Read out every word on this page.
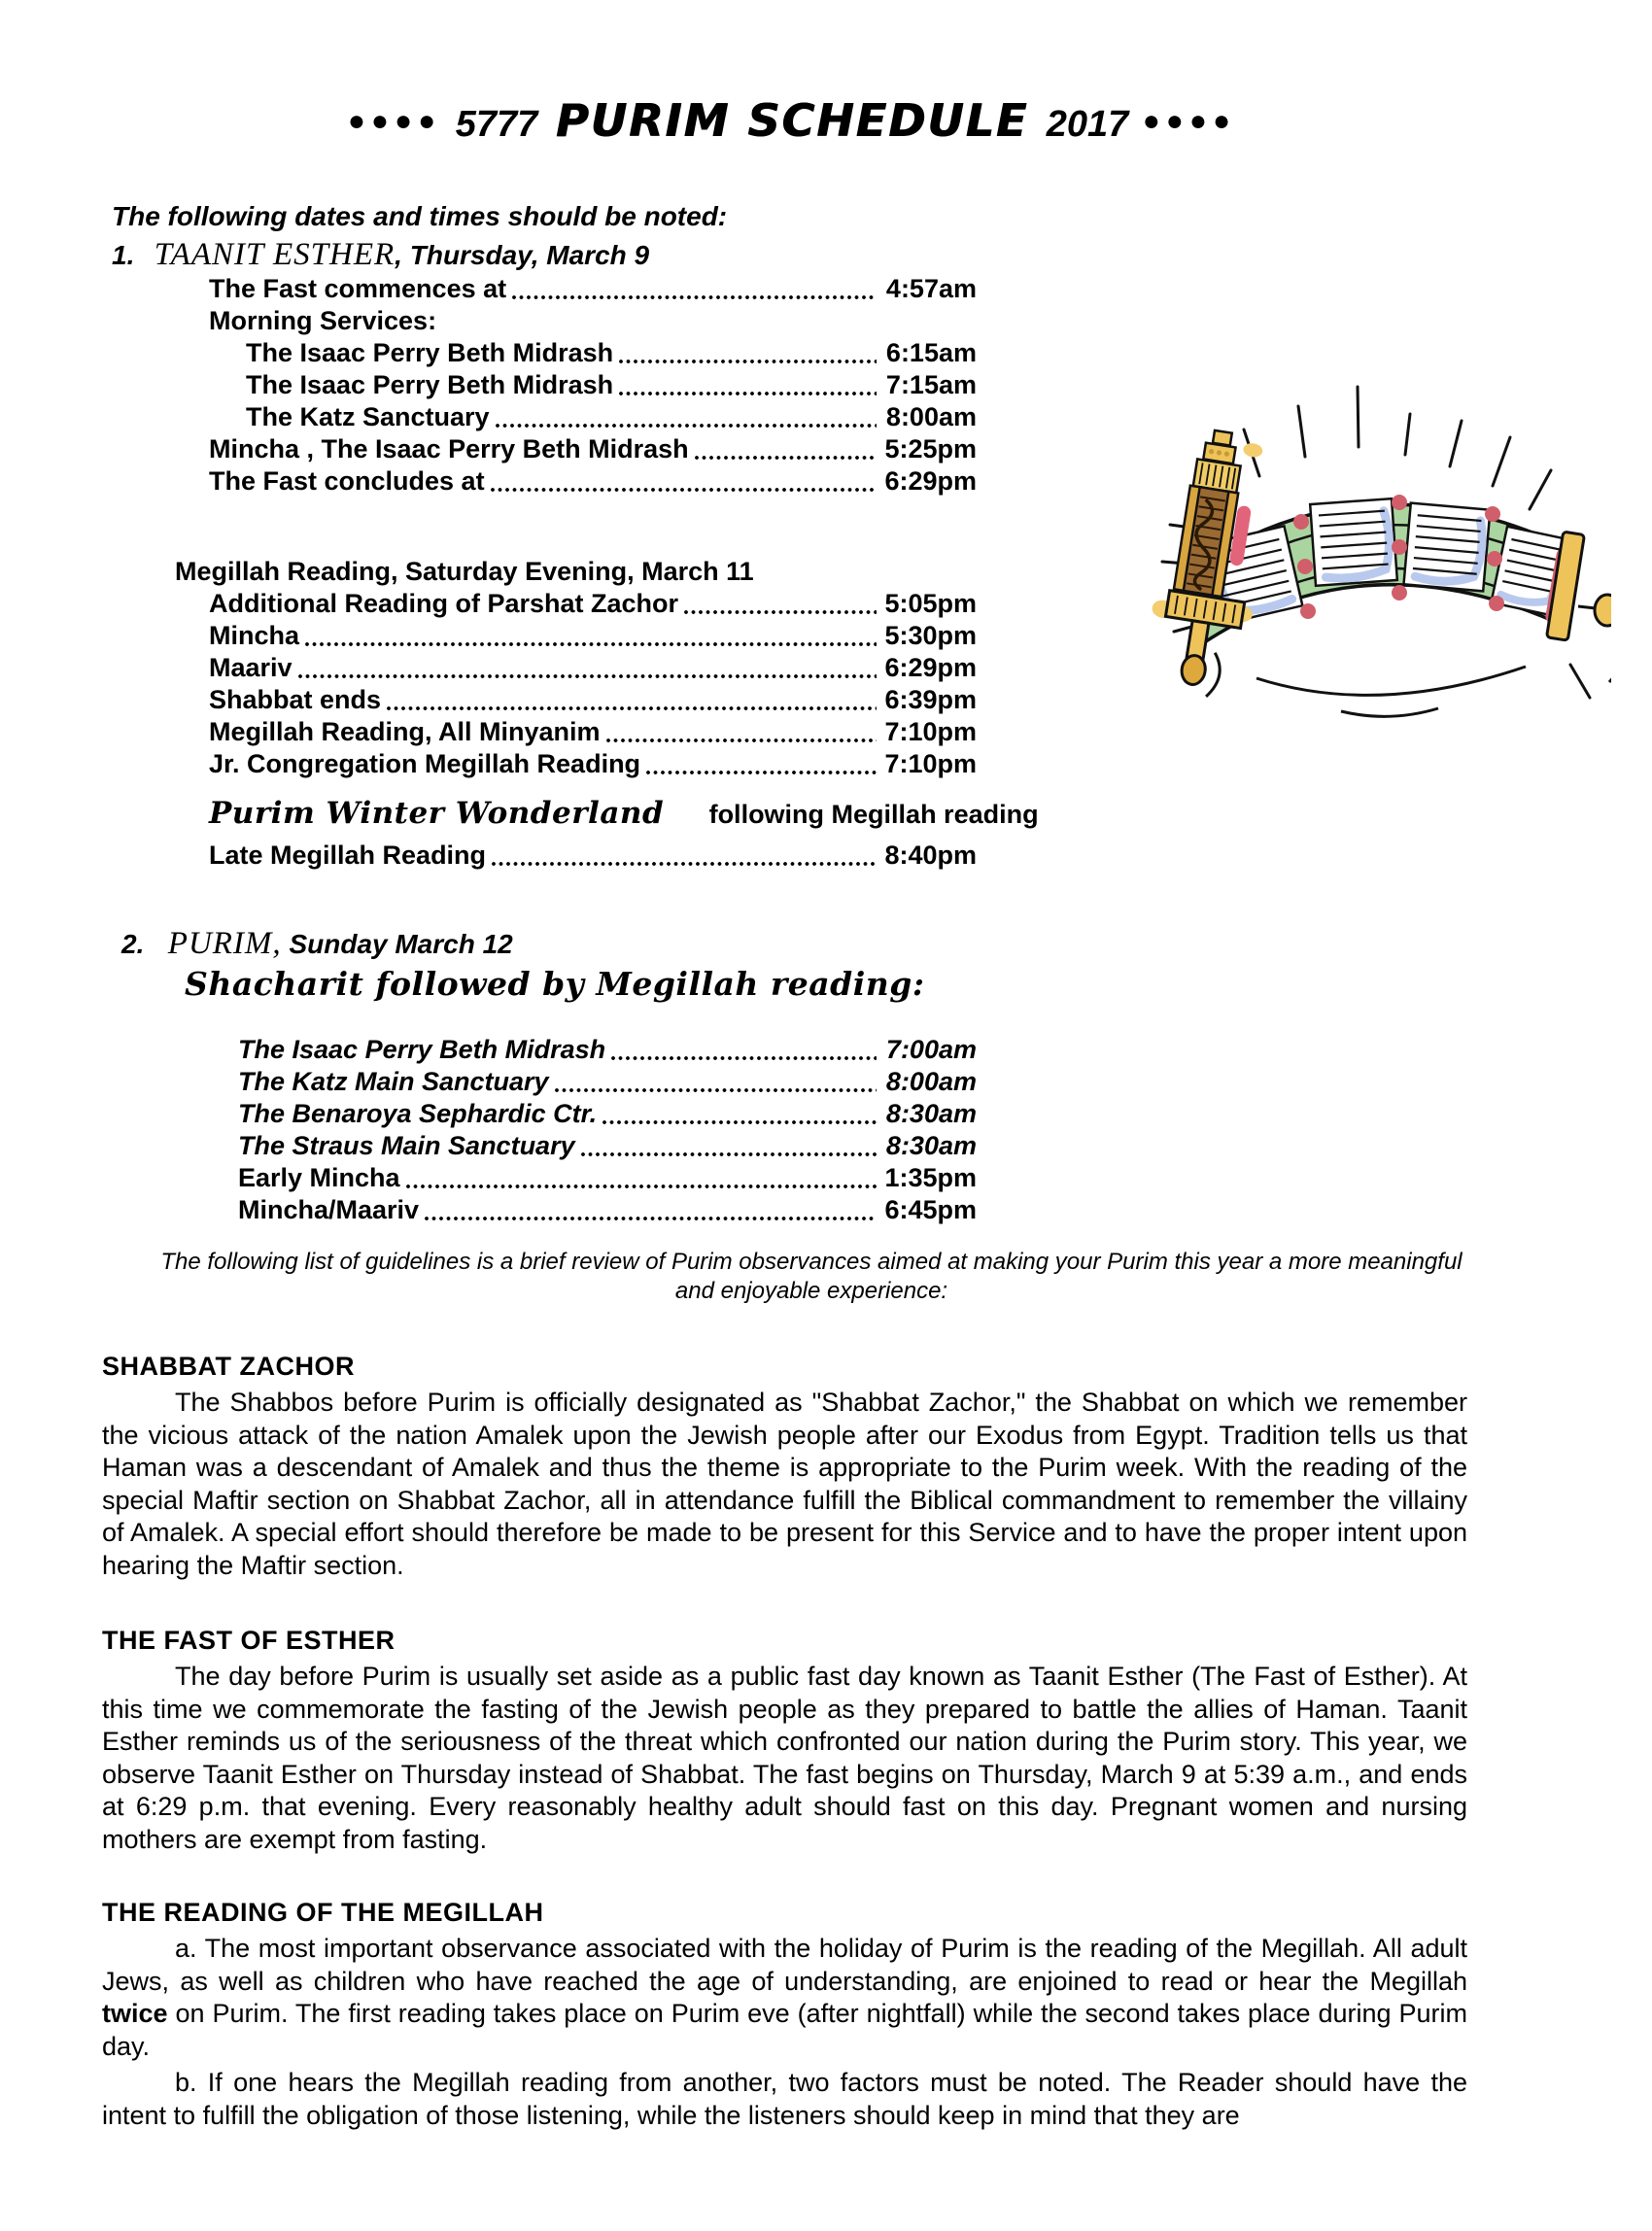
●●●● 5777 PURIM SCHEDULE 2017 ●●●●
The following dates and times should be noted:
1. TAANIT ESTHER, Thursday, March 9
The Fast commences at	4:57am
Morning Services:
The Isaac Perry Beth Midrash	6:15am
The Isaac Perry Beth Midrash	7:15am
The Katz Sanctuary	8:00am
Mincha , The Isaac Perry Beth Midrash	5:25pm
The Fast concludes at	6:29pm
Megillah Reading, Saturday Evening, March 11
Additional Reading of Parshat Zachor	5:05pm
Mincha	5:30pm
Maariv	6:29pm
Shabbat ends	6:39pm
Megillah Reading, All Minyanim	7:10pm
Jr. Congregation Megillah Reading	7:10pm
Purim Winter Wonderland following Megillah reading
Late Megillah Reading	8:40pm
2. PURIM, Sunday March 12
Shacharit followed by Megillah reading:
The Isaac Perry Beth Midrash	7:00am
The Katz Main Sanctuary	8:00am
The Benaroya Sephardic Ctr.	8:30am
The Straus Main Sanctuary	8:30am
Early Mincha	1:35pm
Mincha/Maariv	6:45pm
The following list of guidelines is a brief review of Purim observances aimed at making your Purim this year a more meaningful and enjoyable experience:
SHABBAT ZACHOR

The Shabbos before Purim is officially designated as "Shabbat Zachor," the Shabbat on which we remember the vicious attack of the nation Amalek upon the Jewish people after our Exodus from Egypt. Tradition tells us that Haman was a descendant of Amalek and thus the theme is appropriate to the Purim week. With the reading of the special Maftir section on Shabbat Zachor, all in attendance fulfill the Biblical commandment to remember the villainy of Amalek. A special effort should therefore be made to be present for this Service and to have the proper intent upon hearing the Maftir section.

THE FAST OF ESTHER

The day before Purim is usually set aside as a public fast day known as Taanit Esther (The Fast of Esther). At this time we commemorate the fasting of the Jewish people as they prepared to battle the allies of Haman. Taanit Esther reminds us of the seriousness of the threat which confronted our nation during the Purim story. This year, we observe Taanit Esther on Thursday instead of Shabbat. The fast begins on Thursday, March 9 at 5:39 a.m., and ends at 6:29 p.m. that evening. Every reasonably healthy adult should fast on this day. Pregnant women and nursing mothers are exempt from fasting.

THE READING OF THE MEGILLAH

a. The most important observance associated with the holiday of Purim is the reading of the Megillah. All adult Jews, as well as children who have reached the age of understanding, are enjoined to read or hear the Megillah twice on Purim. The first reading takes place on Purim eve (after nightfall) while the second takes place during Purim day.

b. If one hears the Megillah reading from another, two factors must be noted. The Reader should have the intent to fulfill the obligation of those listening, while the listeners should keep in mind that they are
